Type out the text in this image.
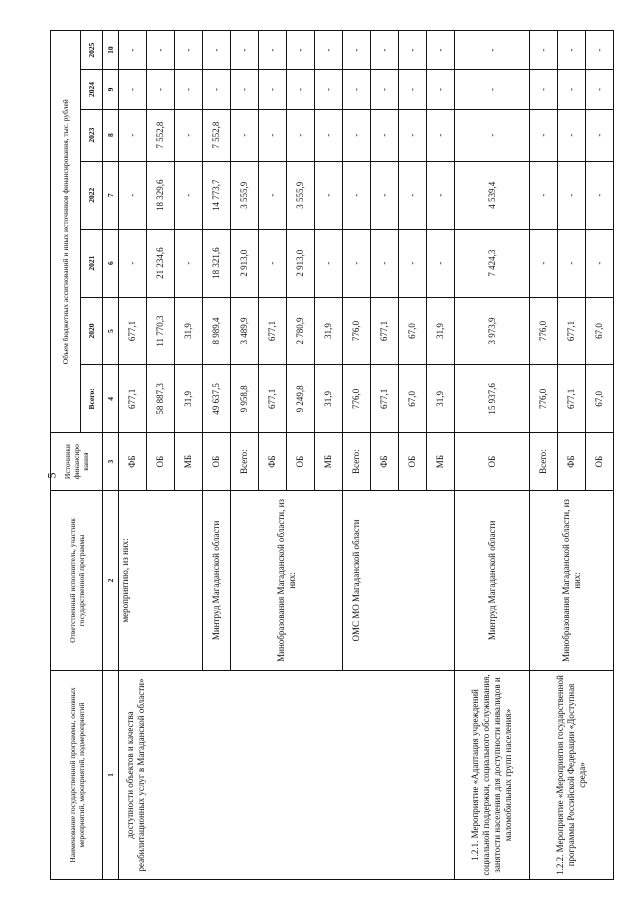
5
Наименование государственной программы, основных мероприятий, мероприятий, подмероприятий	Ответственный исполнитель, участник государственной программы	Источники финансиро вания	Объем бюджетных ассигнований и иных источников финансирования, тыс. рублей						
			Всего:	2020	2021	2022	2023	2024	2025
1	2	3	4	5	6	7	8	9	10
доступности объектов и качества реабилитационных услуг в Магаданской области»	мероприятию, из них:	ФБ	677,1	677,1	-	-	-	-	-
		ОБ	58 887,3	11 770,3	21 234,6	18 329,6	7 552,8	-	-
		МБ	31,9	31,9	-	-	-	-	-
	Минтруд Магаданской области	ОБ	49 637,5	8 989,4	18 321,6	14 773,7	7 552,8	-	-
	Минобразования Магаданской области, из них:	Всего:	9 958,8	3 489,9	2 913,0	3 555,9	-	-	-
		ФБ	677,1	677,1	-	-	-	-	-
		ОБ	9 249,8	2 780,9	2 913,0	3 555,9	-	-	-
		МБ	31,9	31,9	-	-	-	-	-
	ОМС МО Магаданской области	Всего:	776,0	776,0	-	-	-	-	-
		ФБ	677,1	677,1	-	-	-	-	-
		ОБ	67,0	67,0	-	-	-	-	-
		МБ	31,9	31,9	-	-	-	-	-
1.2.1. Мероприятие «Адаптация учреждений социальной поддержки, социального обслуживания, занятости населения для доступности инвалидов и маломобильных групп населения»	Минтруд Магаданской области	ОБ	15 937,6	3 973,9	7 424,3	4 539,4	-	-	-
1.2.2. Мероприятие «Мероприятия государственной программы Российской Федерации «Доступная среда»	Минобразования Магаданской области, из них:	Всего:	776,0	776,0	-	-	-	-	-
		ФБ	677,1	677,1	-	-	-	-	-
		ОБ	67,0	67,0	-	-	-	-	-
